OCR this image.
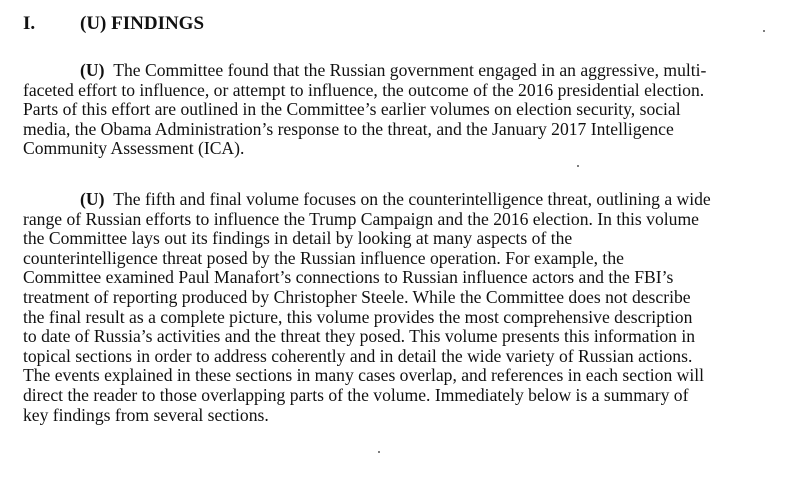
I. (U) FINDINGS

(U) The Committee found that the Russian government engaged in an aggressive, multi-
faceted effort to influence, or attempt to influence, the outcome of the 2016 presidential election.
Parts of this effort are outlined in the Committee’s earlier volumes on election security, social
media, the Obama Administration’s response to the threat, and the January 2017 Intelligence
Community Assessment (ICA).

(U) The fifth and final volume focuses on the counterintelligence threat, outlining a wide
range of Russian efforts to influence the Trump Campaign and the 2016 election. In this volume
the Committee lays out its findings in detail by looking at many aspects of the
counterintelligence threat posed by the Russian influence operation. For example, the
Committee examined Paul Manafort’s connections to Russian influence actors and the FBI’s
treatment of reporting produced by Christopher Steele. While the Committee does not describe
the final result as a complete picture, this volume provides the most comprehensive description
to date of Russia’s activities and the threat they posed. This volume presents this information in
topical sections in order to address coherently and in detail the wide variety of Russian actions.
The events explained in these sections in many cases overlap, and references in each section will
direct the reader to those overlapping parts of the volume. Immediately below is a summary of
key findings from several sections.
